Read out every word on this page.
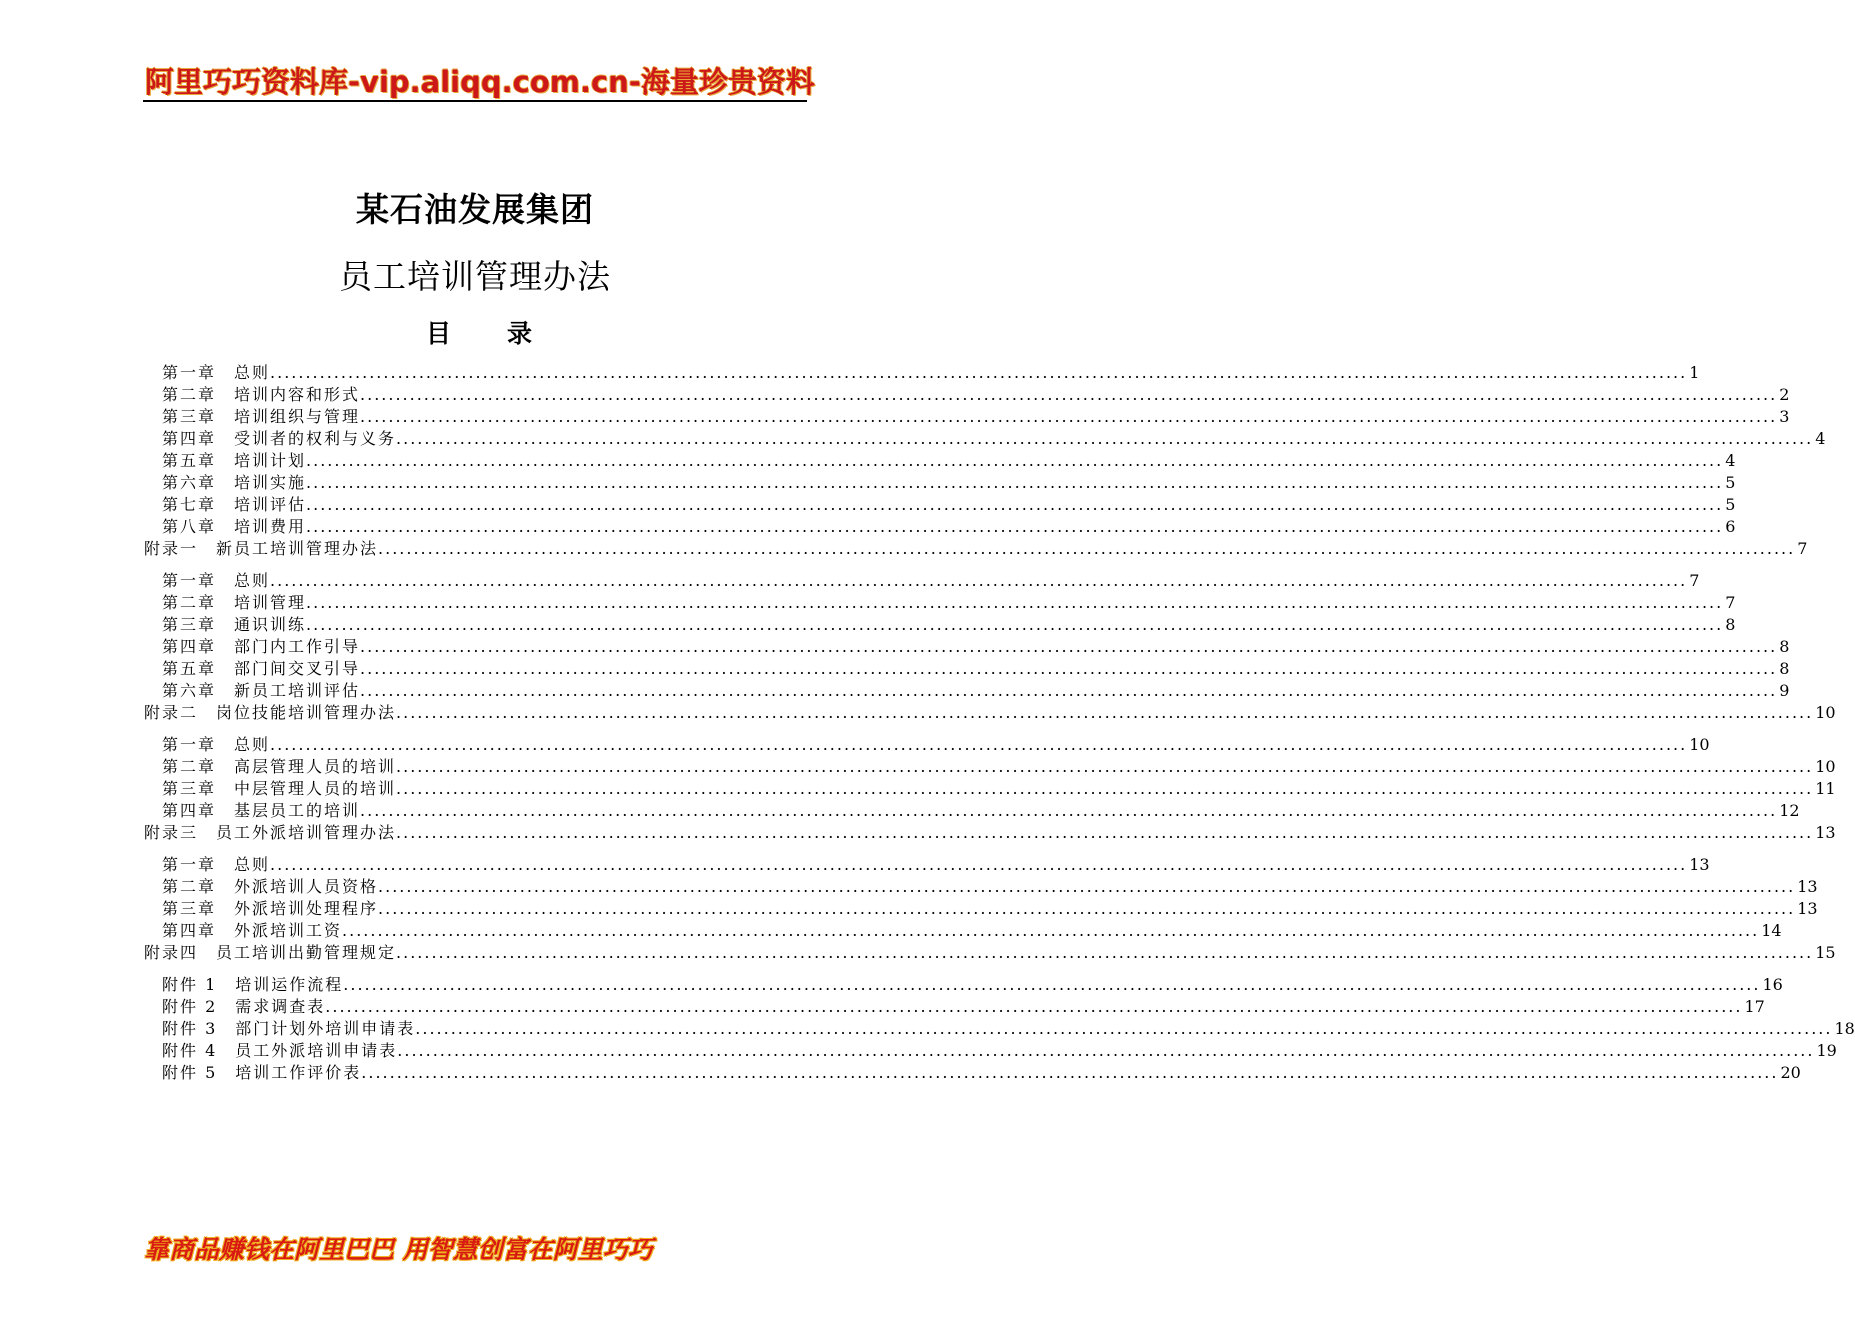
阿里巧巧资料库-vip.aliqq.com.cn-海量珍贵资料
某石油发展集团
员工培训管理办法
目录
第一章　总则 ........................................................................................................................................................................................................ 1
第二章　培训内容和形式 ........................................................................................................................................................................................................ 2
第三章　培训组织与管理 ........................................................................................................................................................................................................ 3
第四章　受训者的权利与义务 ........................................................................................................................................................................................................ 4
第五章　培训计划 ........................................................................................................................................................................................................ 4
第六章　培训实施 ........................................................................................................................................................................................................ 5
第七章　培训评估 ........................................................................................................................................................................................................ 5
第八章　培训费用 ........................................................................................................................................................................................................ 6
附录一　新员工培训管理办法 ........................................................................................................................................................................................................ 7
第一章　总则 ........................................................................................................................................................................................................ 7
第二章　培训管理 ........................................................................................................................................................................................................ 7
第三章　通识训练 ........................................................................................................................................................................................................ 8
第四章　部门内工作引导 ........................................................................................................................................................................................................ 8
第五章　部门间交叉引导 ........................................................................................................................................................................................................ 8
第六章　新员工培训评估 ........................................................................................................................................................................................................ 9
附录二　岗位技能培训管理办法 ........................................................................................................................................................................................................ 10
第一章　总则 ........................................................................................................................................................................................................ 10
第二章　高层管理人员的培训 ........................................................................................................................................................................................................ 10
第三章　中层管理人员的培训 ........................................................................................................................................................................................................ 11
第四章　基层员工的培训 ........................................................................................................................................................................................................ 12
附录三　员工外派培训管理办法 ........................................................................................................................................................................................................ 13
第一章　总则 ........................................................................................................................................................................................................ 13
第二章　外派培训人员资格 ........................................................................................................................................................................................................ 13
第三章　外派培训处理程序 ........................................................................................................................................................................................................ 13
第四章　外派培训工资 ........................................................................................................................................................................................................ 14
附录四　员工培训出勤管理规定 ........................................................................................................................................................................................................ 15
附件 1　培训运作流程 ........................................................................................................................................................................................................ 16
附件 2　需求调查表 ........................................................................................................................................................................................................ 17
附件 3　部门计划外培训申请表 ........................................................................................................................................................................................................ 18
附件 4　员工外派培训申请表 ........................................................................................................................................................................................................ 19
附件 5　培训工作评价表 ........................................................................................................................................................................................................ 20
靠商品赚钱在阿里巴巴 用智慧创富在阿里巧巧
